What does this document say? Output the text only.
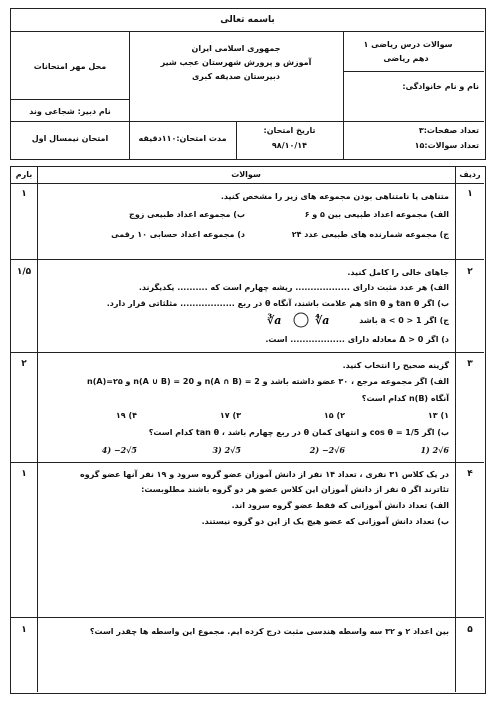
باسمه تعالی
محل مهر امتحانات
نام دبیر: شجاعی وند
جمهوری اسلامی ایران
آموزش و پرورش شهرستان عجب شیر
دبیرستان صدیقه کبری
سوالات درس ریاضی ۱
دهم ریاضی
نام و نام خانوادگی:
امتحان نیمسال اول	مدت امتحان:۱۱۰دقیقه
تاریخ امتحان:
۹۸/۱۰/۱۴
تعداد صفحات:۳
تعداد سوالات:۱۵
بارم	سوالات	ردیف
۱
۱	متناهی یا نامتناهی بودن مجموعه های زیر را مشخص کنید.
الف) مجموعه اعداد طبیعی بین ۵ و ۶
ب) مجموعه اعداد طبیعی زوج
ج) مجموعه شمارنده های طبیعی عدد ۲۴
د) مجموعه اعداد حسابی ۱۰ رقمی
۲
۱/۵	جاهای خالی را کامل کنید.
الف) هر عدد مثبت دارای .................. ریشه چهارم است که .......... یکدیگرند.
ب) اگر tan θ و sin θ هم علامت باشند، آنگاه θ در ربع .................. مثلثاتی قرار دارد.
ج) اگر 1 < a < 0 باشد
∛a	∜a
د) اگر Δ > 0 معادله دارای .................. است.
۳
۲	گزینه صحیح را انتخاب کنید.
الف) اگر مجموعه مرجع ، ۳۰ عضو داشته باشد و n(A ∩ B) = 2 و n(A ∪ B) = 20 و n(A)=۲۵
آنگاه n(B) کدام است؟
۱) ۱۳
۲) ۱۵
۳) ۱۷
۴) ۱۹
ب) اگر cos θ = 1/5 و انتهای کمان θ در ربع چهارم باشد ، tan θ کدام است؟
1) 2√6
2) −2√6
3) 2√5
4) −2√5
۴
۱	در یک کلاس ۳۱ نفری ، تعداد ۱۴ نفر از دانش آموزان عضو گروه سرود و ۱۹ نفر آنها عضو گروه
تئاترند اگر ۵ نفر از دانش آموزان این کلاس عضو هر دو گروه باشند مطلوبست:
الف) تعداد دانش آموزانی که فقط عضو گروه سرود اند.
ب) تعداد دانش آموزانی که عضو هیچ یک از این دو گروه نیستند.
۵
۱	بین اعداد ۲ و ۳۲ سه واسطه هندسی مثبت درج کرده ایم. مجموع این واسطه ها چقدر است؟
